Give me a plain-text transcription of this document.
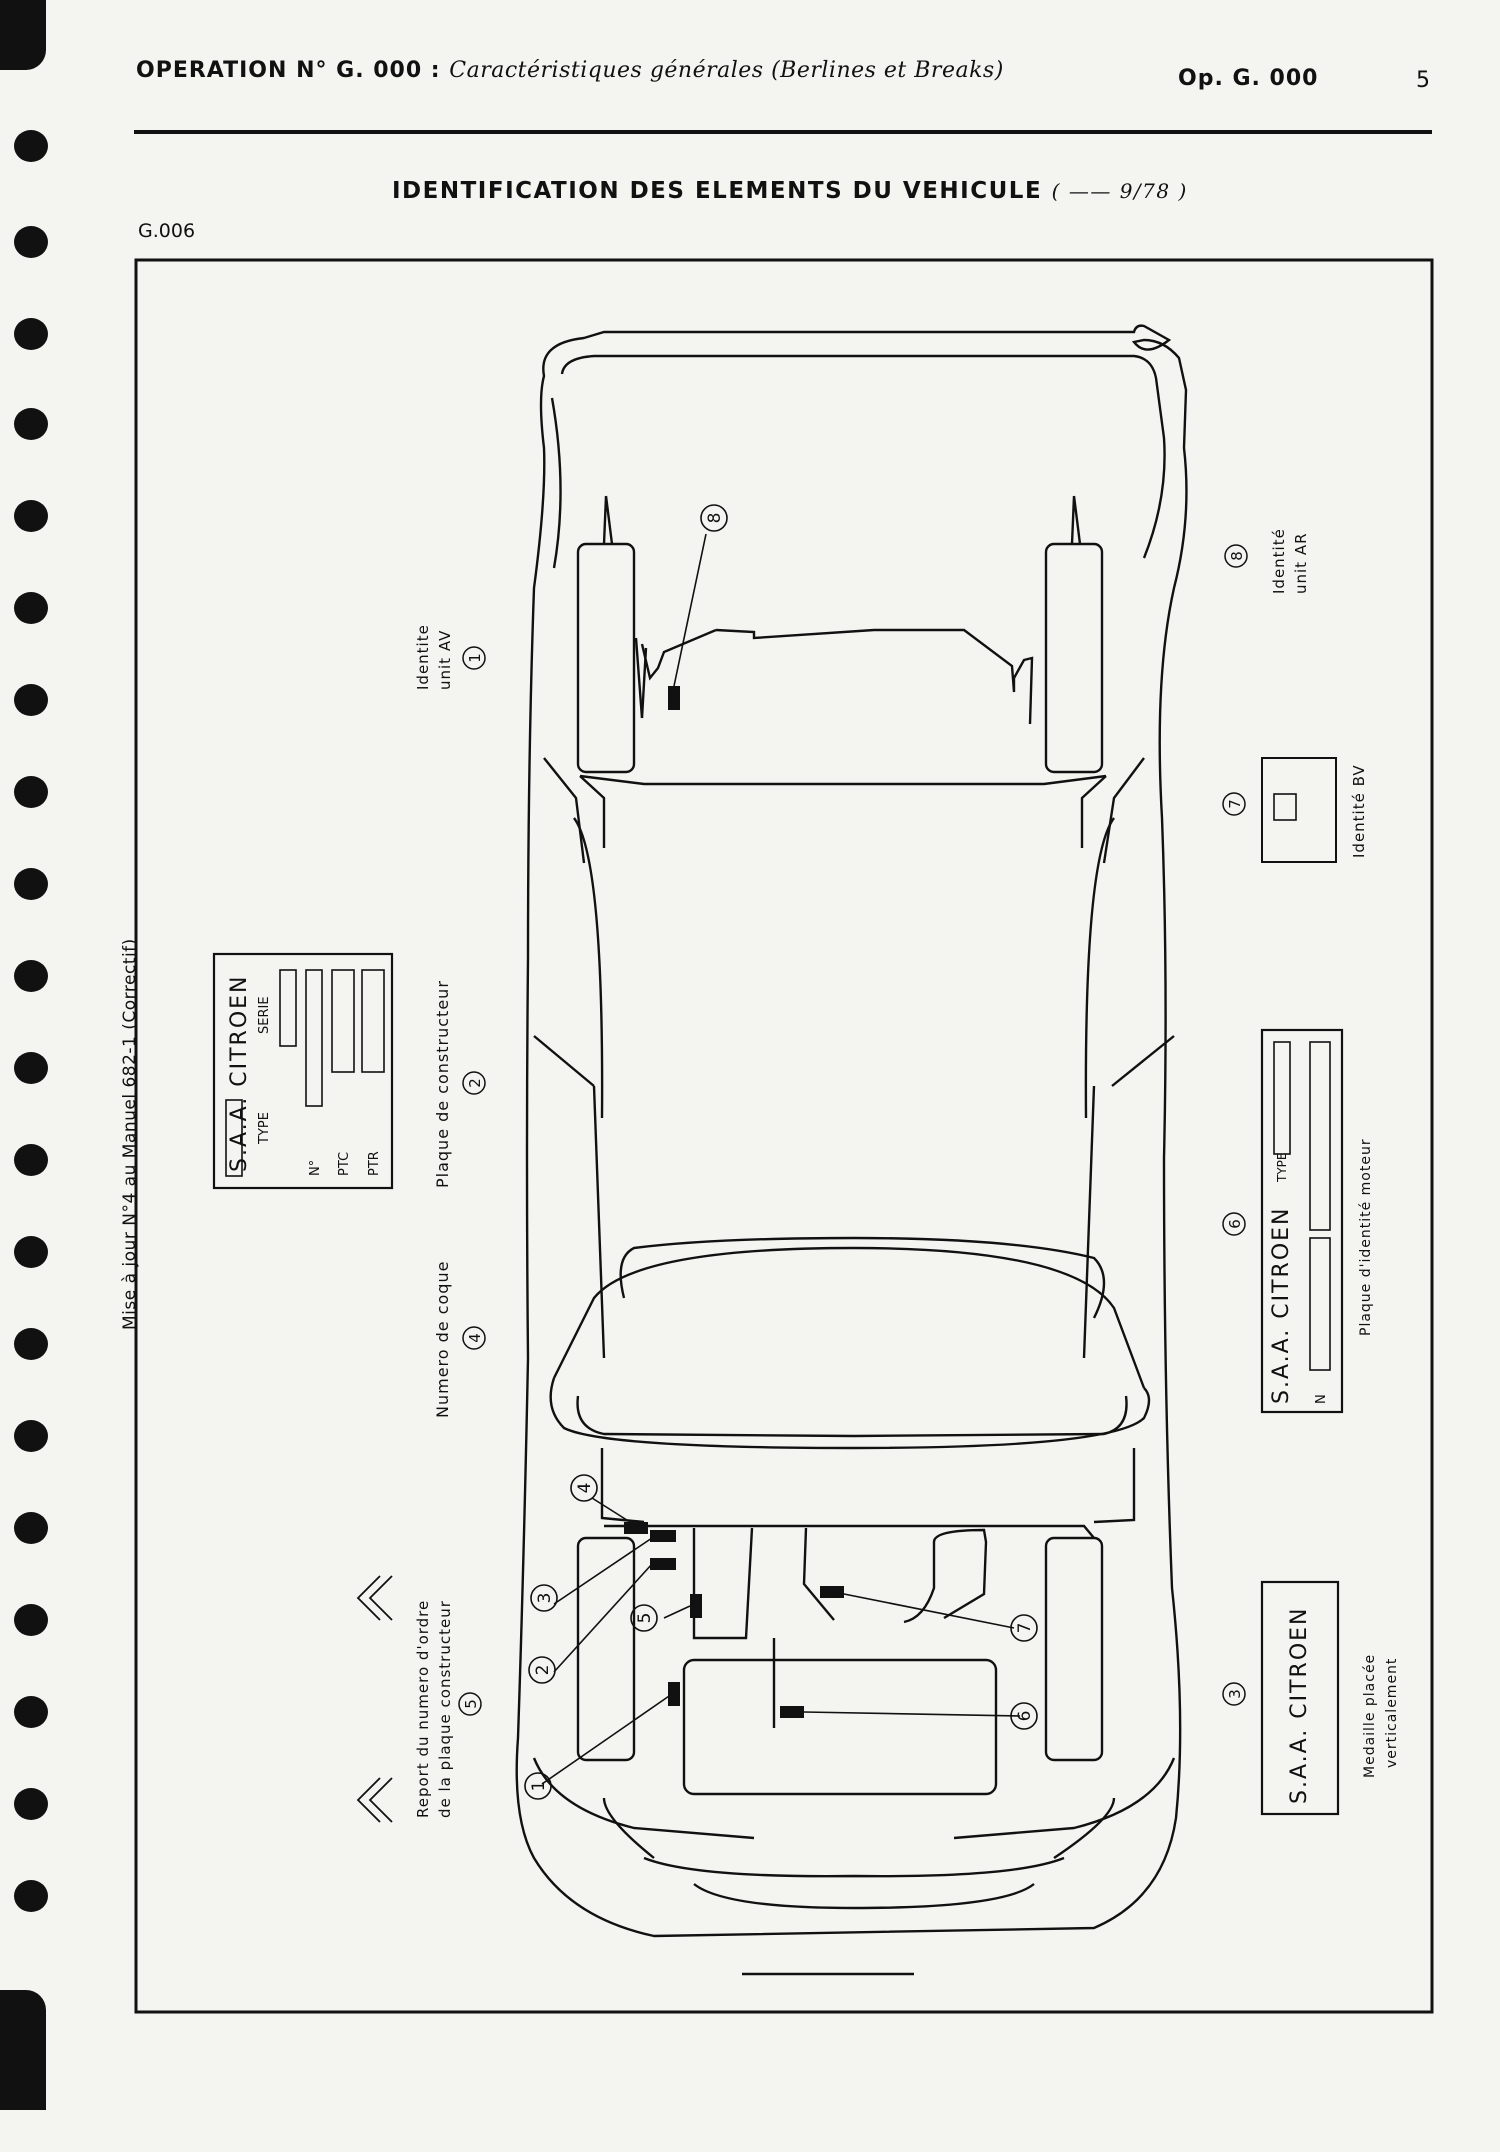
OPERATION N° G. 000 : Caractéristiques générales (Berlines et Breaks)	Op. G. 000	5
IDENTIFICATION DES ELEMENTS DU VEHICULE ( —— 9/78 )
G.006
Mise à jour N°4 au Manuel 682-1 (Correctif)
8
4
3
2
5
7
1
6
S.A.A. CITROEN TYPE
SERIE
N° PTC PTR
2
Plaque de constructeur
Identite unit AV 1
Numero de coque 4
Report du numero d'ordre de la plaque constructeur 5
8 Identité unit AR
7	Identité BV
S.A.A. CITROEN
TYPE
N
6	Plaque d'identité moteur
3 S.A.A. CITROEN	Medaille placée verticalement
